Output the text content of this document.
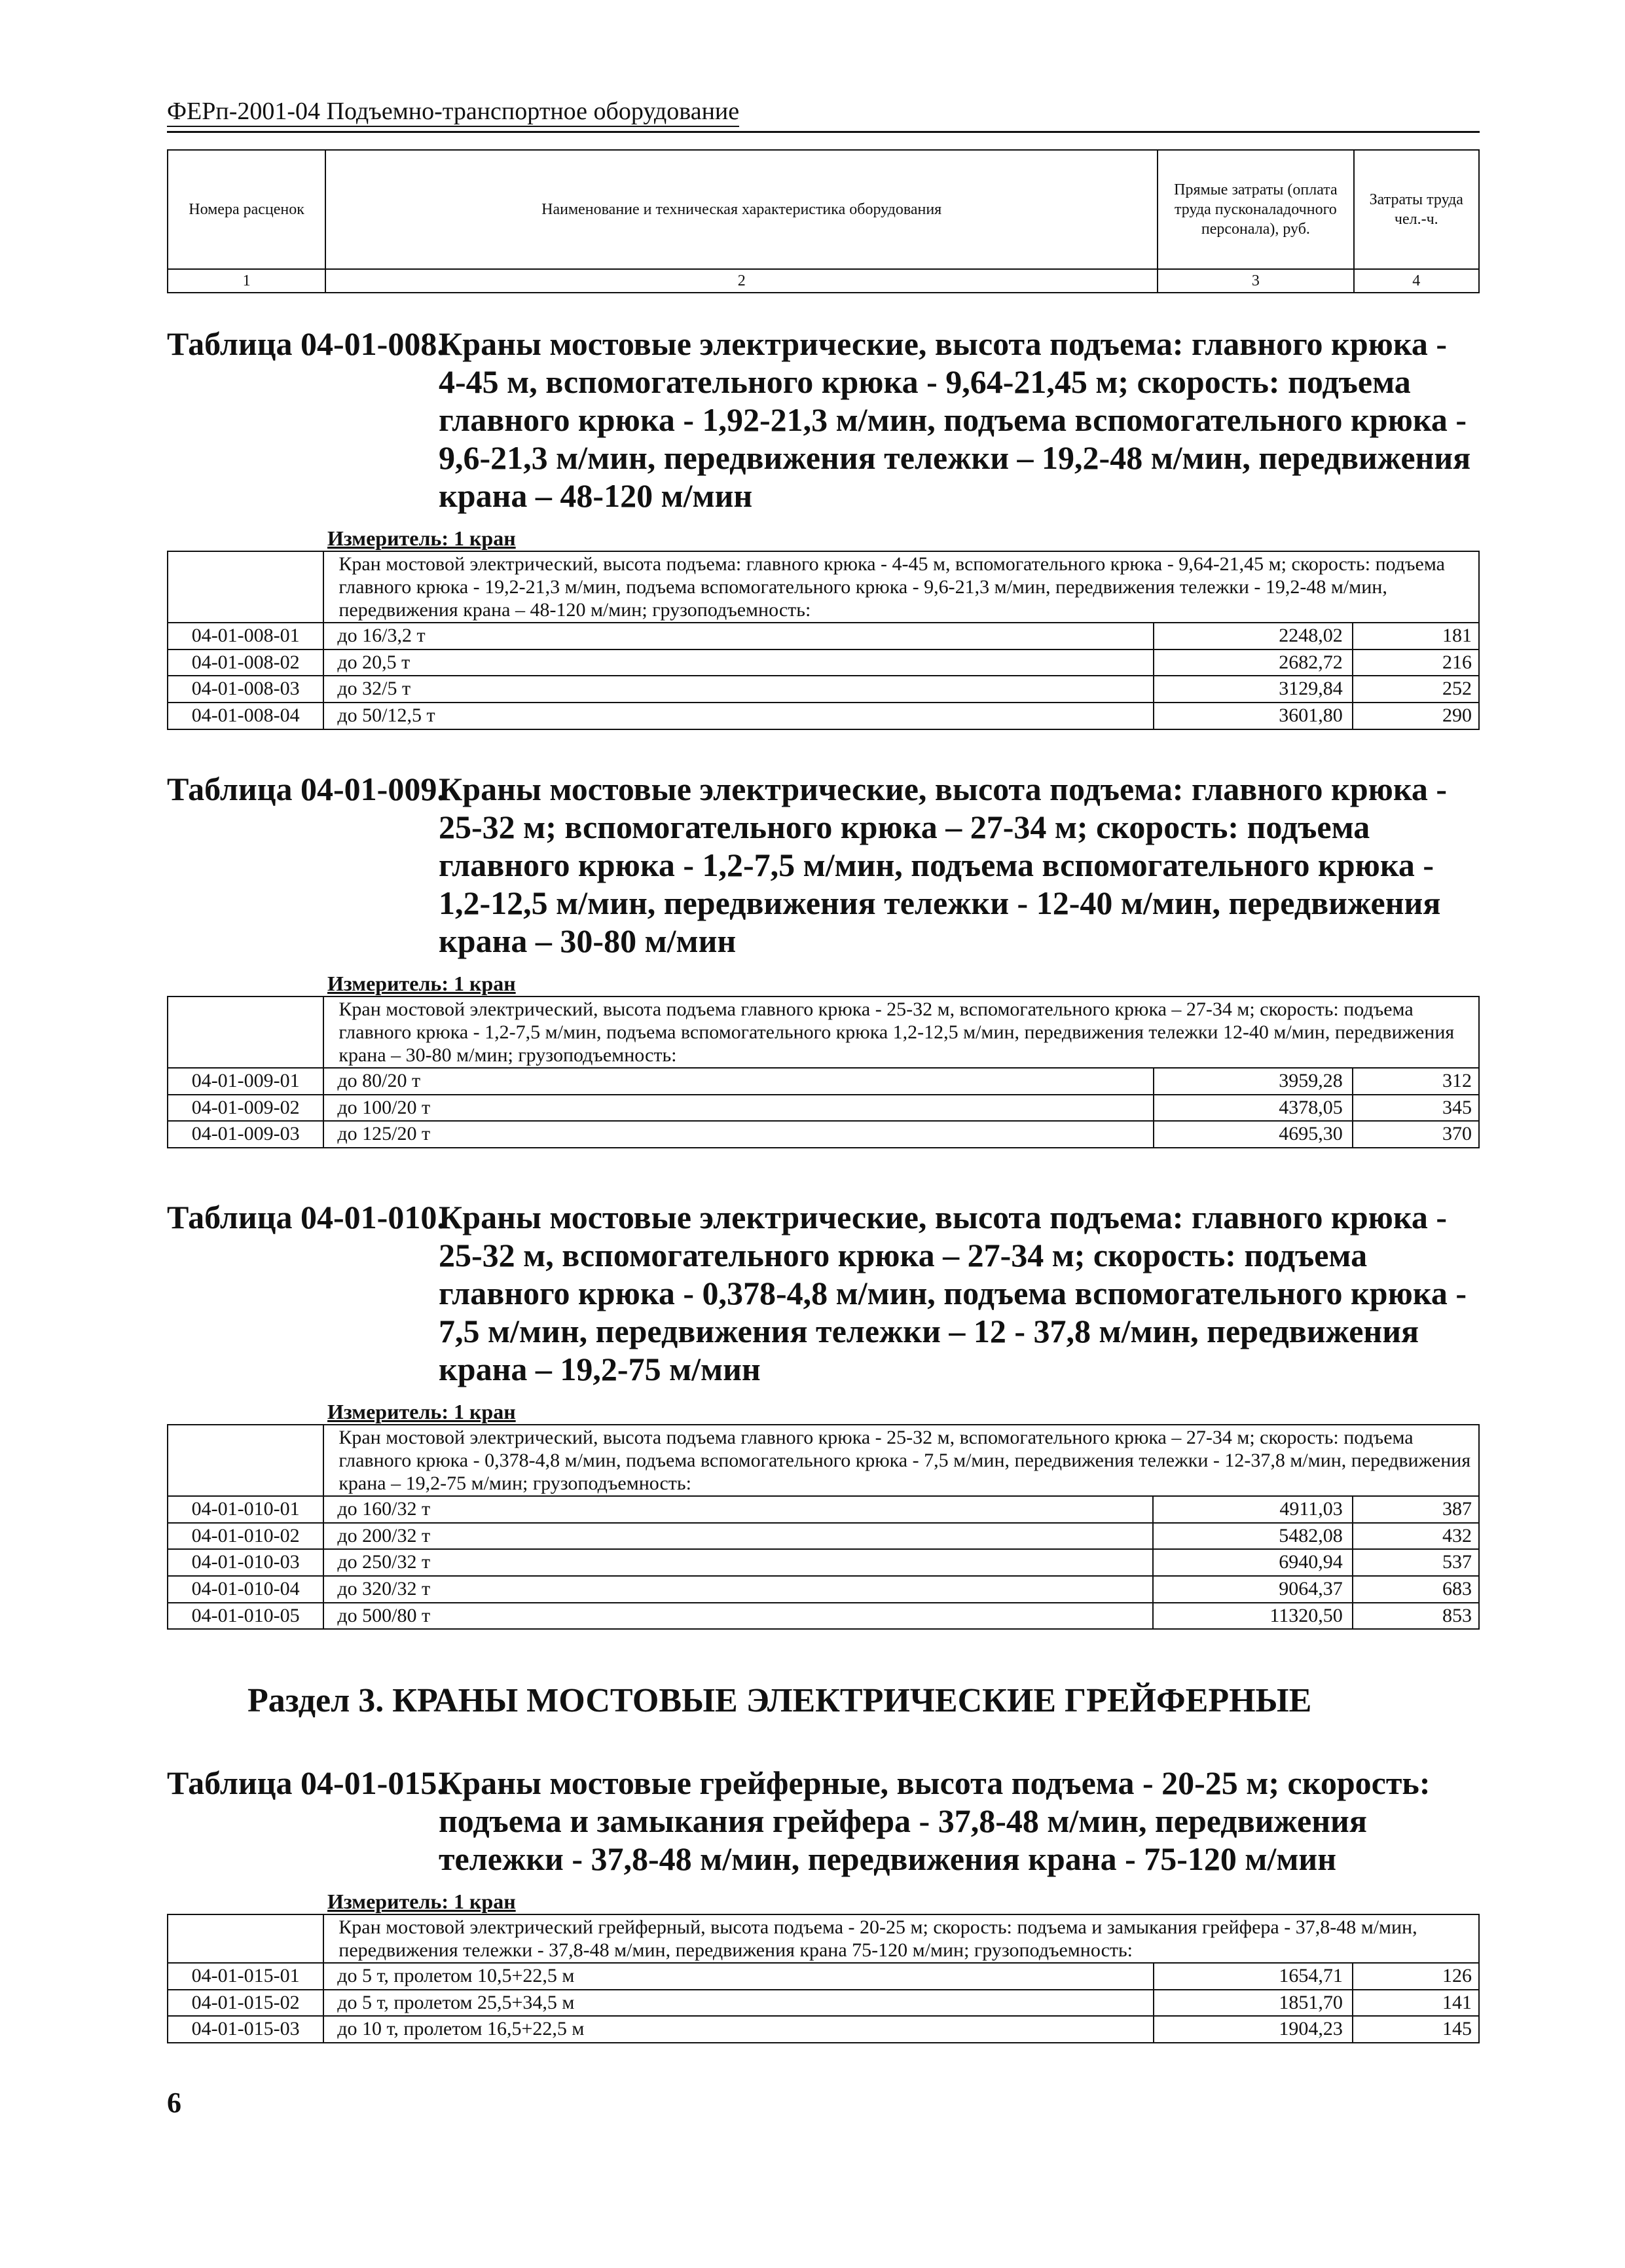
ФЕРп-2001-04 Подъемно-транспортное оборудование
Номера расценок	Наименование и техническая характеристика оборудования	Прямые затраты (оплата труда пусконаладочного персонала), руб.	Затраты труда чел.-ч.
1	2	3	4
Таблица 04-01-008.
Краны мостовые электрические, высота подъема: главного крюка - 4-45 м, вспомогательного крюка - 9,64-21,45 м; скорость: подъема главного крюка - 1,92-21,3 м/мин, подъема вспомогательного крюка - 9,6-21,3 м/мин, передвижения тележки – 19,2-48 м/мин, передвижения крана – 48-120 м/мин
Измеритель: 1 кран
	Кран мостовой электрический, высота подъема: главного крюка - 4-45 м, вспомогательного крюка - 9,64-21,45 м; скорость: подъема главного крюка - 19,2-21,3 м/мин, подъема вспомогательного крюка - 9,6-21,3 м/мин, передвижения тележки - 19,2-48 м/мин, передвижения крана – 48-120 м/мин; грузоподъемность:		
04-01-008-01	до 16/3,2 т	2248,02	181
04-01-008-02	до 20,5 т	2682,72	216
04-01-008-03	до 32/5 т	3129,84	252
04-01-008-04	до 50/12,5 т	3601,80	290
Таблица 04-01-009.
Краны мостовые электрические, высота подъема: главного крюка - 25-32 м; вспомогательного крюка – 27-34 м; скорость: подъема главного крюка - 1,2-7,5 м/мин, подъема вспомогательного крюка - 1,2-12,5 м/мин, передвижения тележки - 12-40 м/мин, передвижения крана – 30-80 м/мин
Измеритель: 1 кран
	Кран мостовой электрический, высота подъема главного крюка - 25-32 м, вспомогательного крюка – 27-34 м; скорость: подъема главного крюка - 1,2-7,5 м/мин, подъема вспомогательного крюка 1,2-12,5 м/мин, передвижения тележки 12-40 м/мин, передвижения крана – 30-80 м/мин; грузоподъемность:		
04-01-009-01	до 80/20 т	3959,28	312
04-01-009-02	до 100/20 т	4378,05	345
04-01-009-03	до 125/20 т	4695,30	370
Таблица 04-01-010.
Краны мостовые электрические, высота подъема: главного крюка - 25-32 м, вспомогательного крюка – 27-34 м; скорость: подъема главного крюка - 0,378-4,8 м/мин, подъема вспомогательного крюка - 7,5 м/мин, передвижения тележки – 12 - 37,8 м/мин, передвижения крана – 19,2-75 м/мин
Измеритель: 1 кран
	Кран мостовой электрический, высота подъема главного крюка - 25-32 м, вспомогательного крюка – 27-34 м; скорость: подъема главного крюка - 0,378-4,8 м/мин, подъема вспомогательного крюка - 7,5 м/мин, передвижения тележки - 12-37,8 м/мин, передвижения крана – 19,2-75 м/мин; грузоподъемность:		
04-01-010-01	до 160/32 т	4911,03	387
04-01-010-02	до 200/32 т	5482,08	432
04-01-010-03	до 250/32 т	6940,94	537
04-01-010-04	до 320/32 т	9064,37	683
04-01-010-05	до 500/80 т	11320,50	853
Раздел 3. КРАНЫ МОСТОВЫЕ ЭЛЕКТРИЧЕСКИЕ ГРЕЙФЕРНЫЕ
Таблица 04-01-015.
Краны мостовые грейферные, высота подъема - 20-25 м; скорость: подъема и замыкания грейфера - 37,8-48 м/мин, передвижения тележки - 37,8-48 м/мин, передвижения крана - 75-120 м/мин
Измеритель: 1 кран
	Кран мостовой электрический грейферный, высота подъема - 20-25 м; скорость: подъема и замыкания грейфера - 37,8-48 м/мин, передвижения тележки - 37,8-48 м/мин, передвижения крана 75-120 м/мин; грузоподъемность:		
04-01-015-01	до 5 т, пролетом 10,5+22,5 м	1654,71	126
04-01-015-02	до 5 т, пролетом 25,5+34,5 м	1851,70	141
04-01-015-03	до 10 т, пролетом 16,5+22,5 м	1904,23	145
6
